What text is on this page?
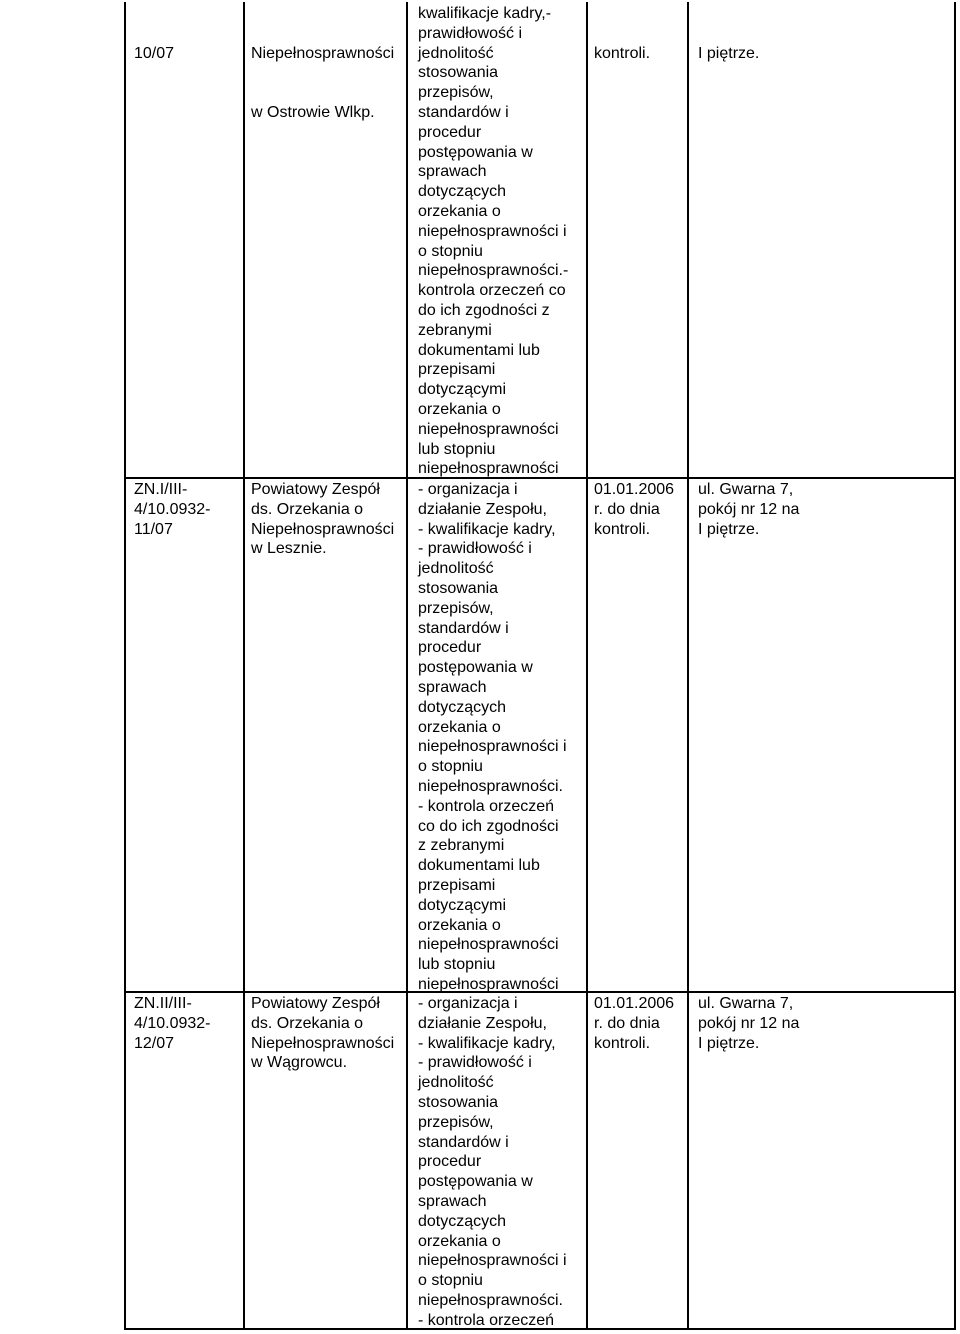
10/07

	Niepełnosprawności

w Ostrowie Wlkp.

kwalifikacje kadry,-
prawidłowość i
jednolitość
stosowania
przepisów,
standardów i
procedur
postępowania w
sprawach
dotyczących
orzekania o
niepełnosprawności i
o stopniu
niepełnosprawności.-
kontrola orzeczeń co
do ich zgodności z
zebranymi
dokumentami lub
przepisami
dotyczącymi
orzekania o
niepełnosprawności
lub stopniu
niepełnosprawności

kontroli.

	I piętrze.

ZN.I/III-
4/10.0932-
11/07
Powiatowy Zespół
ds. Orzekania o
Niepełnosprawności
w Lesznie.
- organizacja i
działanie Zespołu,
- kwalifikacje kadry,
- prawidłowość i
jednolitość
stosowania
przepisów,
standardów i
procedur
postępowania w
sprawach
dotyczących
orzekania o
niepełnosprawności i
o stopniu
niepełnosprawności.
- kontrola orzeczeń
co do ich zgodności
z zebranymi
dokumentami lub
przepisami
dotyczącymi
orzekania o
niepełnosprawności
lub stopniu
niepełnosprawności
01.01.2006
r. do dnia
kontroli.
ul. Gwarna 7,
pokój nr 12 na
I piętrze.
ZN.II/III-
4/10.0932-
12/07
Powiatowy Zespół
ds. Orzekania o
Niepełnosprawności
w Wągrowcu.
- organizacja i
działanie Zespołu,
- kwalifikacje kadry,
- prawidłowość i
jednolitość
stosowania
przepisów,
standardów i
procedur
postępowania w
sprawach
dotyczących
orzekania o
niepełnosprawności i
o stopniu
niepełnosprawności.
- kontrola orzeczeń
01.01.2006
r. do dnia
kontroli.
ul. Gwarna 7,
pokój nr 12 na
I piętrze.
